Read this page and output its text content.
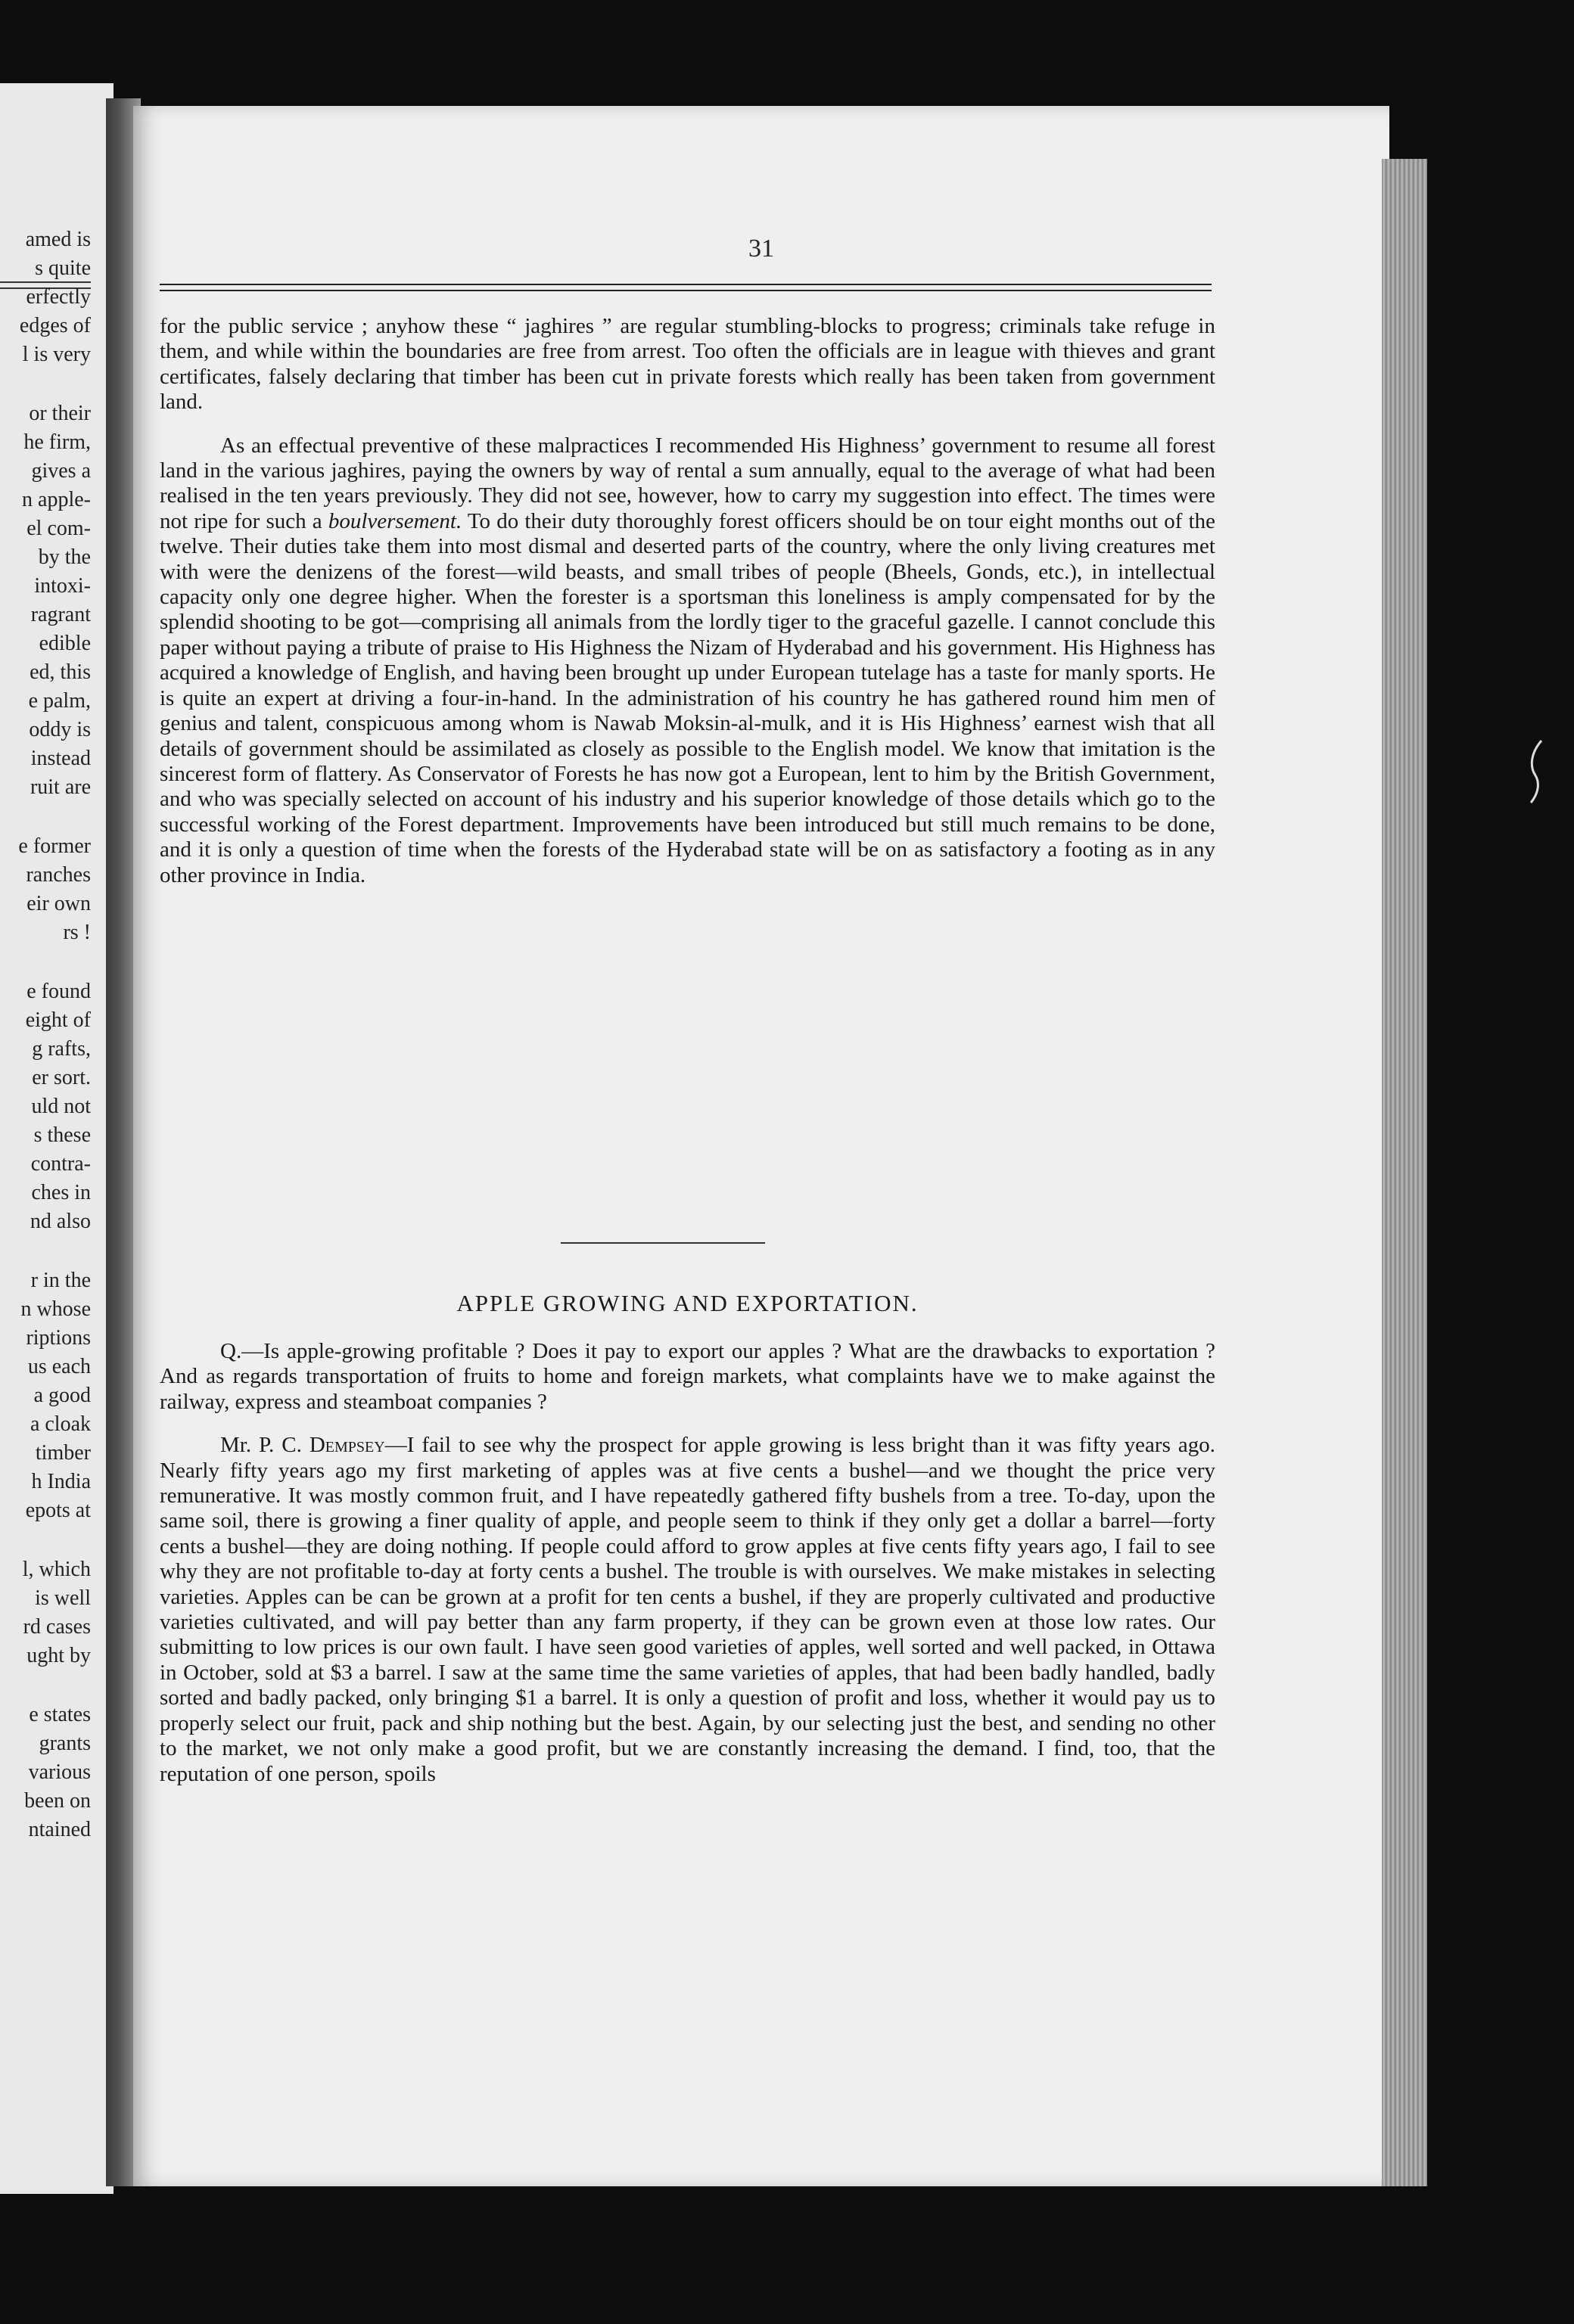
amed is
s quite
erfectly
edges of
l is very
or their
he firm,
gives a
n apple-
el com-
by the
intoxi-
ragrant
edible
ed, this
e palm,
oddy is
instead
ruit are
e former
ranches
eir own
rs !
e found
eight of
g rafts,
er sort.
uld not
s these
contra-
ches in
nd also
r in the
n whose
riptions
us each
a good
a cloak
timber
h India
epots at
l, which
is well
rd cases
ught by
e states
grants
various
been on
ntained
31

for the public service ; anyhow these “ jaghires ” are regular stumbling-blocks to progress; criminals take refuge in them, and while within the boundaries are free from arrest. Too often the officials are in league with thieves and grant certificates, falsely declaring that timber has been cut in private forests which really has been taken from government land.

As an effectual preventive of these malpractices I recommended His Highness’ government to resume all forest land in the various jaghires, paying the owners by way of rental a sum annually, equal to the average of what had been realised in the ten years previously. They did not see, however, how to carry my suggestion into effect. The times were not ripe for such a boulversement. To do their duty thoroughly forest officers should be on tour eight months out of the twelve. Their duties take them into most dismal and deserted parts of the country, where the only living creatures met with were the denizens of the forest—wild beasts, and small tribes of people (Bheels, Gonds, etc.), in intellectual capacity only one degree higher. When the forester is a sportsman this loneliness is amply compensated for by the splendid shooting to be got—comprising all animals from the lordly tiger to the graceful gazelle. I cannot conclude this paper without paying a tribute of praise to His Highness the Nizam of Hyderabad and his government. His Highness has acquired a knowledge of English, and having been brought up under European tutelage has a taste for manly sports. He is quite an expert at driving a four-in-hand. In the administration of his country he has gathered round him men of genius and talent, conspicuous among whom is Nawab Moksin-al-mulk, and it is His Highness’ earnest wish that all details of government should be assimilated as closely as possible to the English model. We know that imitation is the sincerest form of flattery. As Conservator of Forests he has now got a European, lent to him by the British Government, and who was specially selected on account of his industry and his superior knowledge of those details which go to the successful working of the Forest department. Improvements have been introduced but still much remains to be done, and it is only a question of time when the forests of the Hyderabad state will be on as satisfactory a footing as in any other province in India.

APPLE GROWING AND EXPORTATION.

Q.—Is apple-growing profitable ? Does it pay to export our apples ? What are the drawbacks to exportation ? And as regards transportation of fruits to home and foreign markets, what complaints have we to make against the railway, express and steamboat companies ?

Mr. P. C. Dempsey—I fail to see why the prospect for apple growing is less bright than it was fifty years ago. Nearly fifty years ago my first marketing of apples was at five cents a bushel—and we thought the price very remunerative. It was mostly common fruit, and I have repeatedly gathered fifty bushels from a tree. To-day, upon the same soil, there is growing a finer quality of apple, and people seem to think if they only get a dollar a barrel—forty cents a bushel—they are doing nothing. If people could afford to grow apples at five cents fifty years ago, I fail to see why they are not profitable to-day at forty cents a bushel. The trouble is with ourselves. We make mistakes in selecting varieties. Apples can be can be grown at a profit for ten cents a bushel, if they are properly cultivated and productive varieties cultivated, and will pay better than any farm property, if they can be grown even at those low rates. Our submitting to low prices is our own fault. I have seen good varieties of apples, well sorted and well packed, in Ottawa in October, sold at $3 a barrel. I saw at the same time the same varieties of apples, that had been badly handled, badly sorted and badly packed, only bringing $1 a barrel. It is only a question of profit and loss, whether it would pay us to properly select our fruit, pack and ship nothing but the best. Again, by our selecting just the best, and sending no other to the market, we not only make a good profit, but we are constantly increasing the demand. I find, too, that the reputation of one person, spoils
